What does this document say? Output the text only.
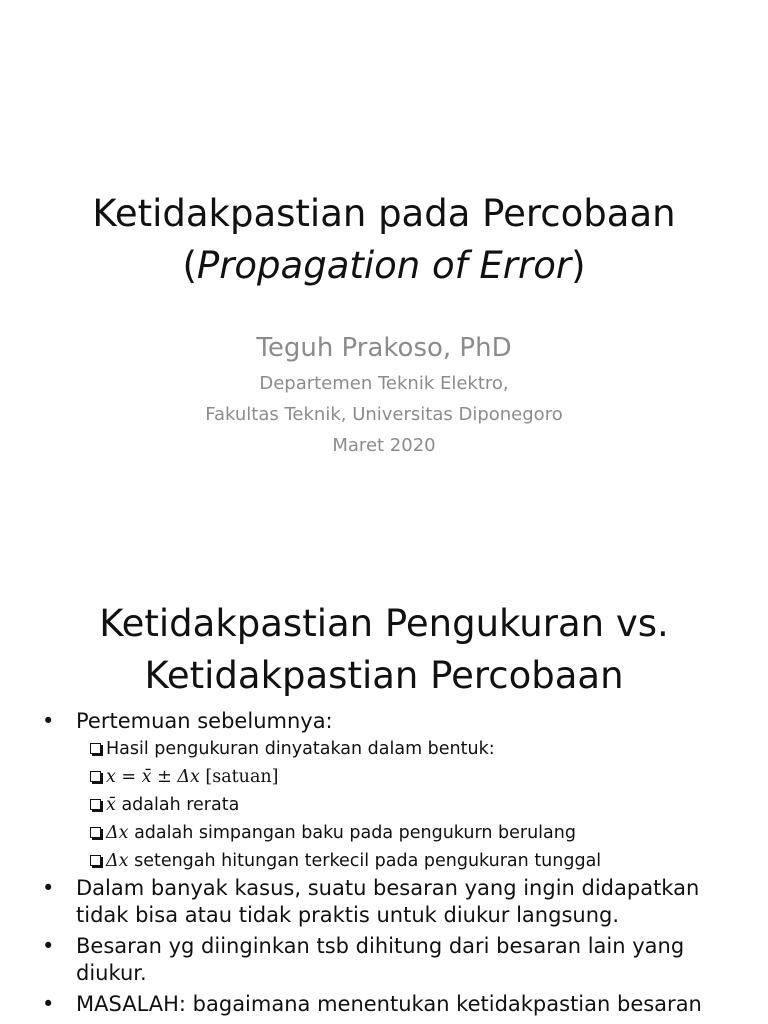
Ketidakpastian pada Percobaan
(Propagation of Error)
Teguh Prakoso, PhD
Departemen Teknik Elektro,
Fakultas Teknik, Universitas Diponegoro
Maret 2020
Ketidakpastian Pengukuran vs.
Ketidakpastian Percobaan
• Pertemuan sebelumnya:
Hasil pengukuran dinyatakan dalam bentuk:
x = x̄ ± Δx [satuan]
x̄ adalah rerata
Δx adalah simpangan baku pada pengukurn berulang
Δx setengah hitungan terkecil pada pengukuran tunggal
• Dalam banyak kasus, suatu besaran yang ingin didapatkan tidak bisa atau tidak praktis untuk diukur langsung.
• Besaran yg diinginkan tsb dihitung dari besaran lain yang diukur.
• MASALAH: bagaimana menentukan ketidakpastian besaran
